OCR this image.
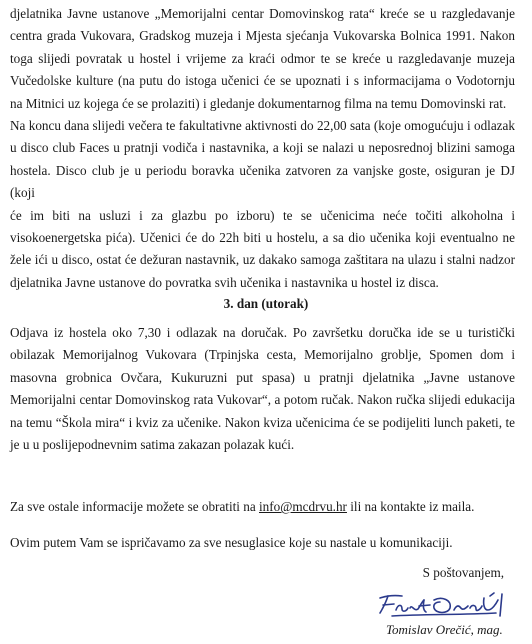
djelatnika Javne ustanove „Memorijalni centar Domovinskog rata“ kreće se u razgledavanje
centra grada Vukovara, Gradskog muzeja i Mjesta sjećanja Vukovarska Bolnica 1991. Nakon
toga slijedi povratak u hostel i vrijeme za kraći odmor te se kreće u razgledavanje muzeja
Vučedolske kulture (na putu do istoga učenici će se upoznati i s informacijama o Vodotornju
na Mitnici uz kojega će se prolaziti) i gledanje dokumentarnog filma na temu Domovinski rat.
Na koncu dana slijedi večera te fakultativne aktivnosti do 22,00 sata (koje omogućuju i odlazak
u disco club Faces u pratnji vodiča i nastavnika, a koji se nalazi u neposrednoj blizini samoga
hostela. Disco club je u periodu boravka učenika zatvoren za vanjske goste, osiguran je DJ (koji
će im biti na usluzi i za glazbu po izboru) te se učenicima neće točiti alkoholna i
visokoenergetska pića). Učenici će do 22h biti u hostelu, a sa dio učenika koji eventualno ne
žele ići u disco, ostat će dežuran nastavnik, uz dakako samoga zaštitara na ulazu i stalni nadzor
djelatnika Javne ustanove do povratka svih učenika i nastavnika u hostel iz disca.

3. dan (utorak)

Odjava iz hostela oko 7,30 i odlazak na doručak. Po završetku doručka ide se u turistički
obilazak Memorijalnog Vukovara (Trpinjska cesta, Memorijalno groblje, Spomen dom i
masovna grobnica Ovčara, Kukuruzni put spasa) u pratnji djelatnika „Javne ustanove
Memorijalni centar Domovinskog rata Vukovar“, a potom ručak. Nakon ručka slijedi edukacija
na temu “Škola mira“ i kviz za učenike. Nakon kviza učenicima će se podijeliti lunch paketi, te
je u u poslijepodnevnim satima zakazan polazak kući.

Za sve ostale informacije možete se obratiti na info@mcdrvu.hr ili na kontakte iz maila.

Ovim putem Vam se ispričavamo za sve nesuglasice koje su nastale u komunikaciji.

S poštovanjem,
Tomislav Orečić, mag.
